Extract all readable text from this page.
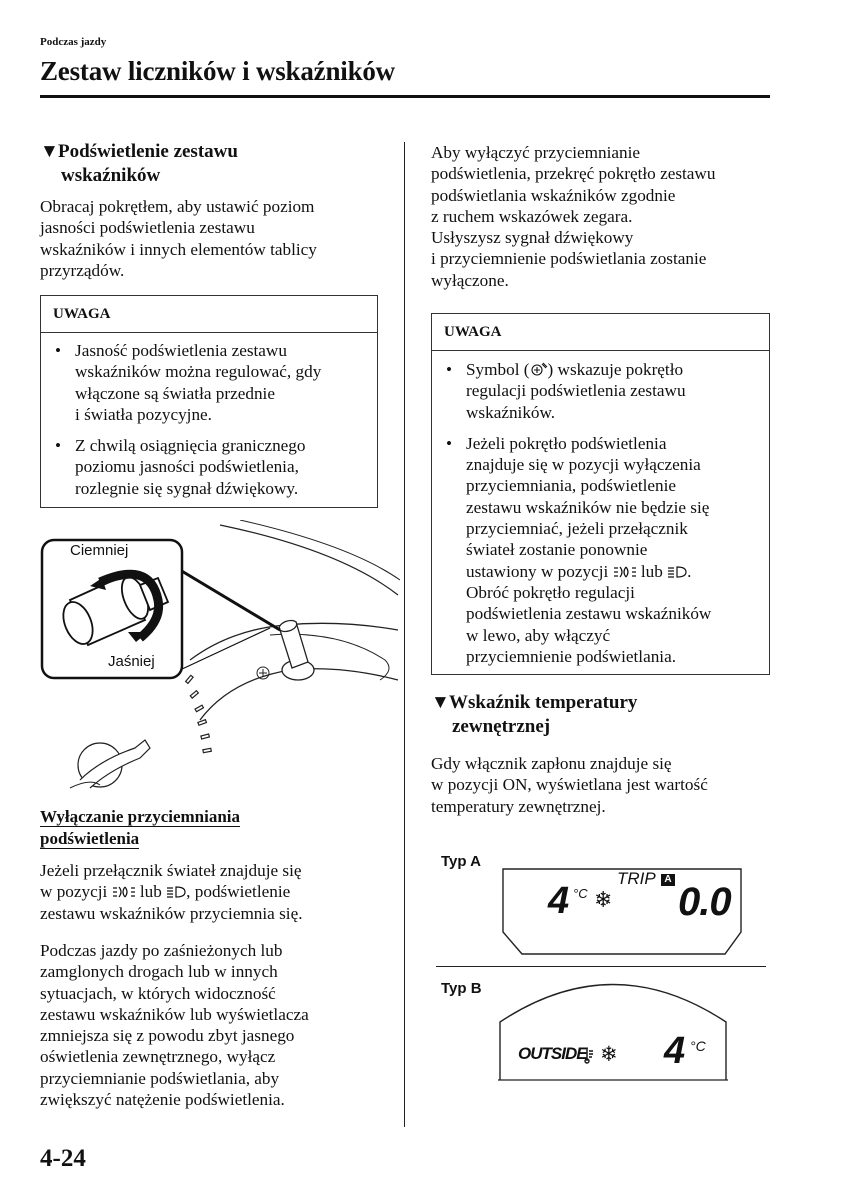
Podczas jazdy
Zestaw liczników i wskaźników
▼Podświetlenie zestawu
wskaźników
Obracaj pokrętłem, aby ustawić poziom
jasności podświetlenia zestawu
wskaźników i innych elementów tablicy
przyrządów.
UWAGA
• Jasność podświetlenia zestawu
wskaźników można regulować, gdy
włączone są światła przednie
i światła pozycyjne.
• Z chwilą osiągnięcia granicznego
poziomu jasności podświetlenia,
rozlegnie się sygnał dźwiękowy.
Ciemniej
Jaśniej
Wyłączanie przyciemniania
podświetlenia
Jeżeli przełącznik świateł znajduje się
w pozycji lub , podświetlenie
zestawu wskaźników przyciemnia się.
Podczas jazdy po zaśnieżonych lub
zamglonych drogach lub w innych
sytuacjach, w których widoczność
zestawu wskaźników lub wyświetlacza
zmniejsza się z powodu zbyt jasnego
oświetlenia zewnętrznego, wyłącz
przyciemnianie podświetlania, aby
zwiększyć natężenie podświetlenia.
Aby wyłączyć przyciemnianie
podświetlenia, przekręć pokrętło zestawu
podświetlania wskaźników zgodnie
z ruchem wskazówek zegara.
Usłyszysz sygnał dźwiękowy
i przyciemnienie podświetlania zostanie
wyłączone.
UWAGA
• Symbol ( ) wskazuje pokrętło
regulacji podświetlenia zestawu
wskaźników.
• Jeżeli pokrętło podświetlenia
znajduje się w pozycji wyłączenia
przyciemniania, podświetlenie
zestawu wskaźników nie będzie się
przyciemniać, jeżeli przełącznik
świateł zostanie ponownie
ustawiony w pozycji lub .
Obróć pokrętło regulacji
podświetlenia zestawu wskaźników
w lewo, aby włączyć
przyciemnienie podświetlania.
▼Wskaźnik temperatury
zewnętrznej
Gdy włącznik zapłonu znajduje się
w pozycji ON, wyświetlana jest wartość
temperatury zewnętrznej.
Typ A
TRIP A
4 °C ❄ 0.0
Typ B
OUTSIDE ❄ 4 °C
4-24
